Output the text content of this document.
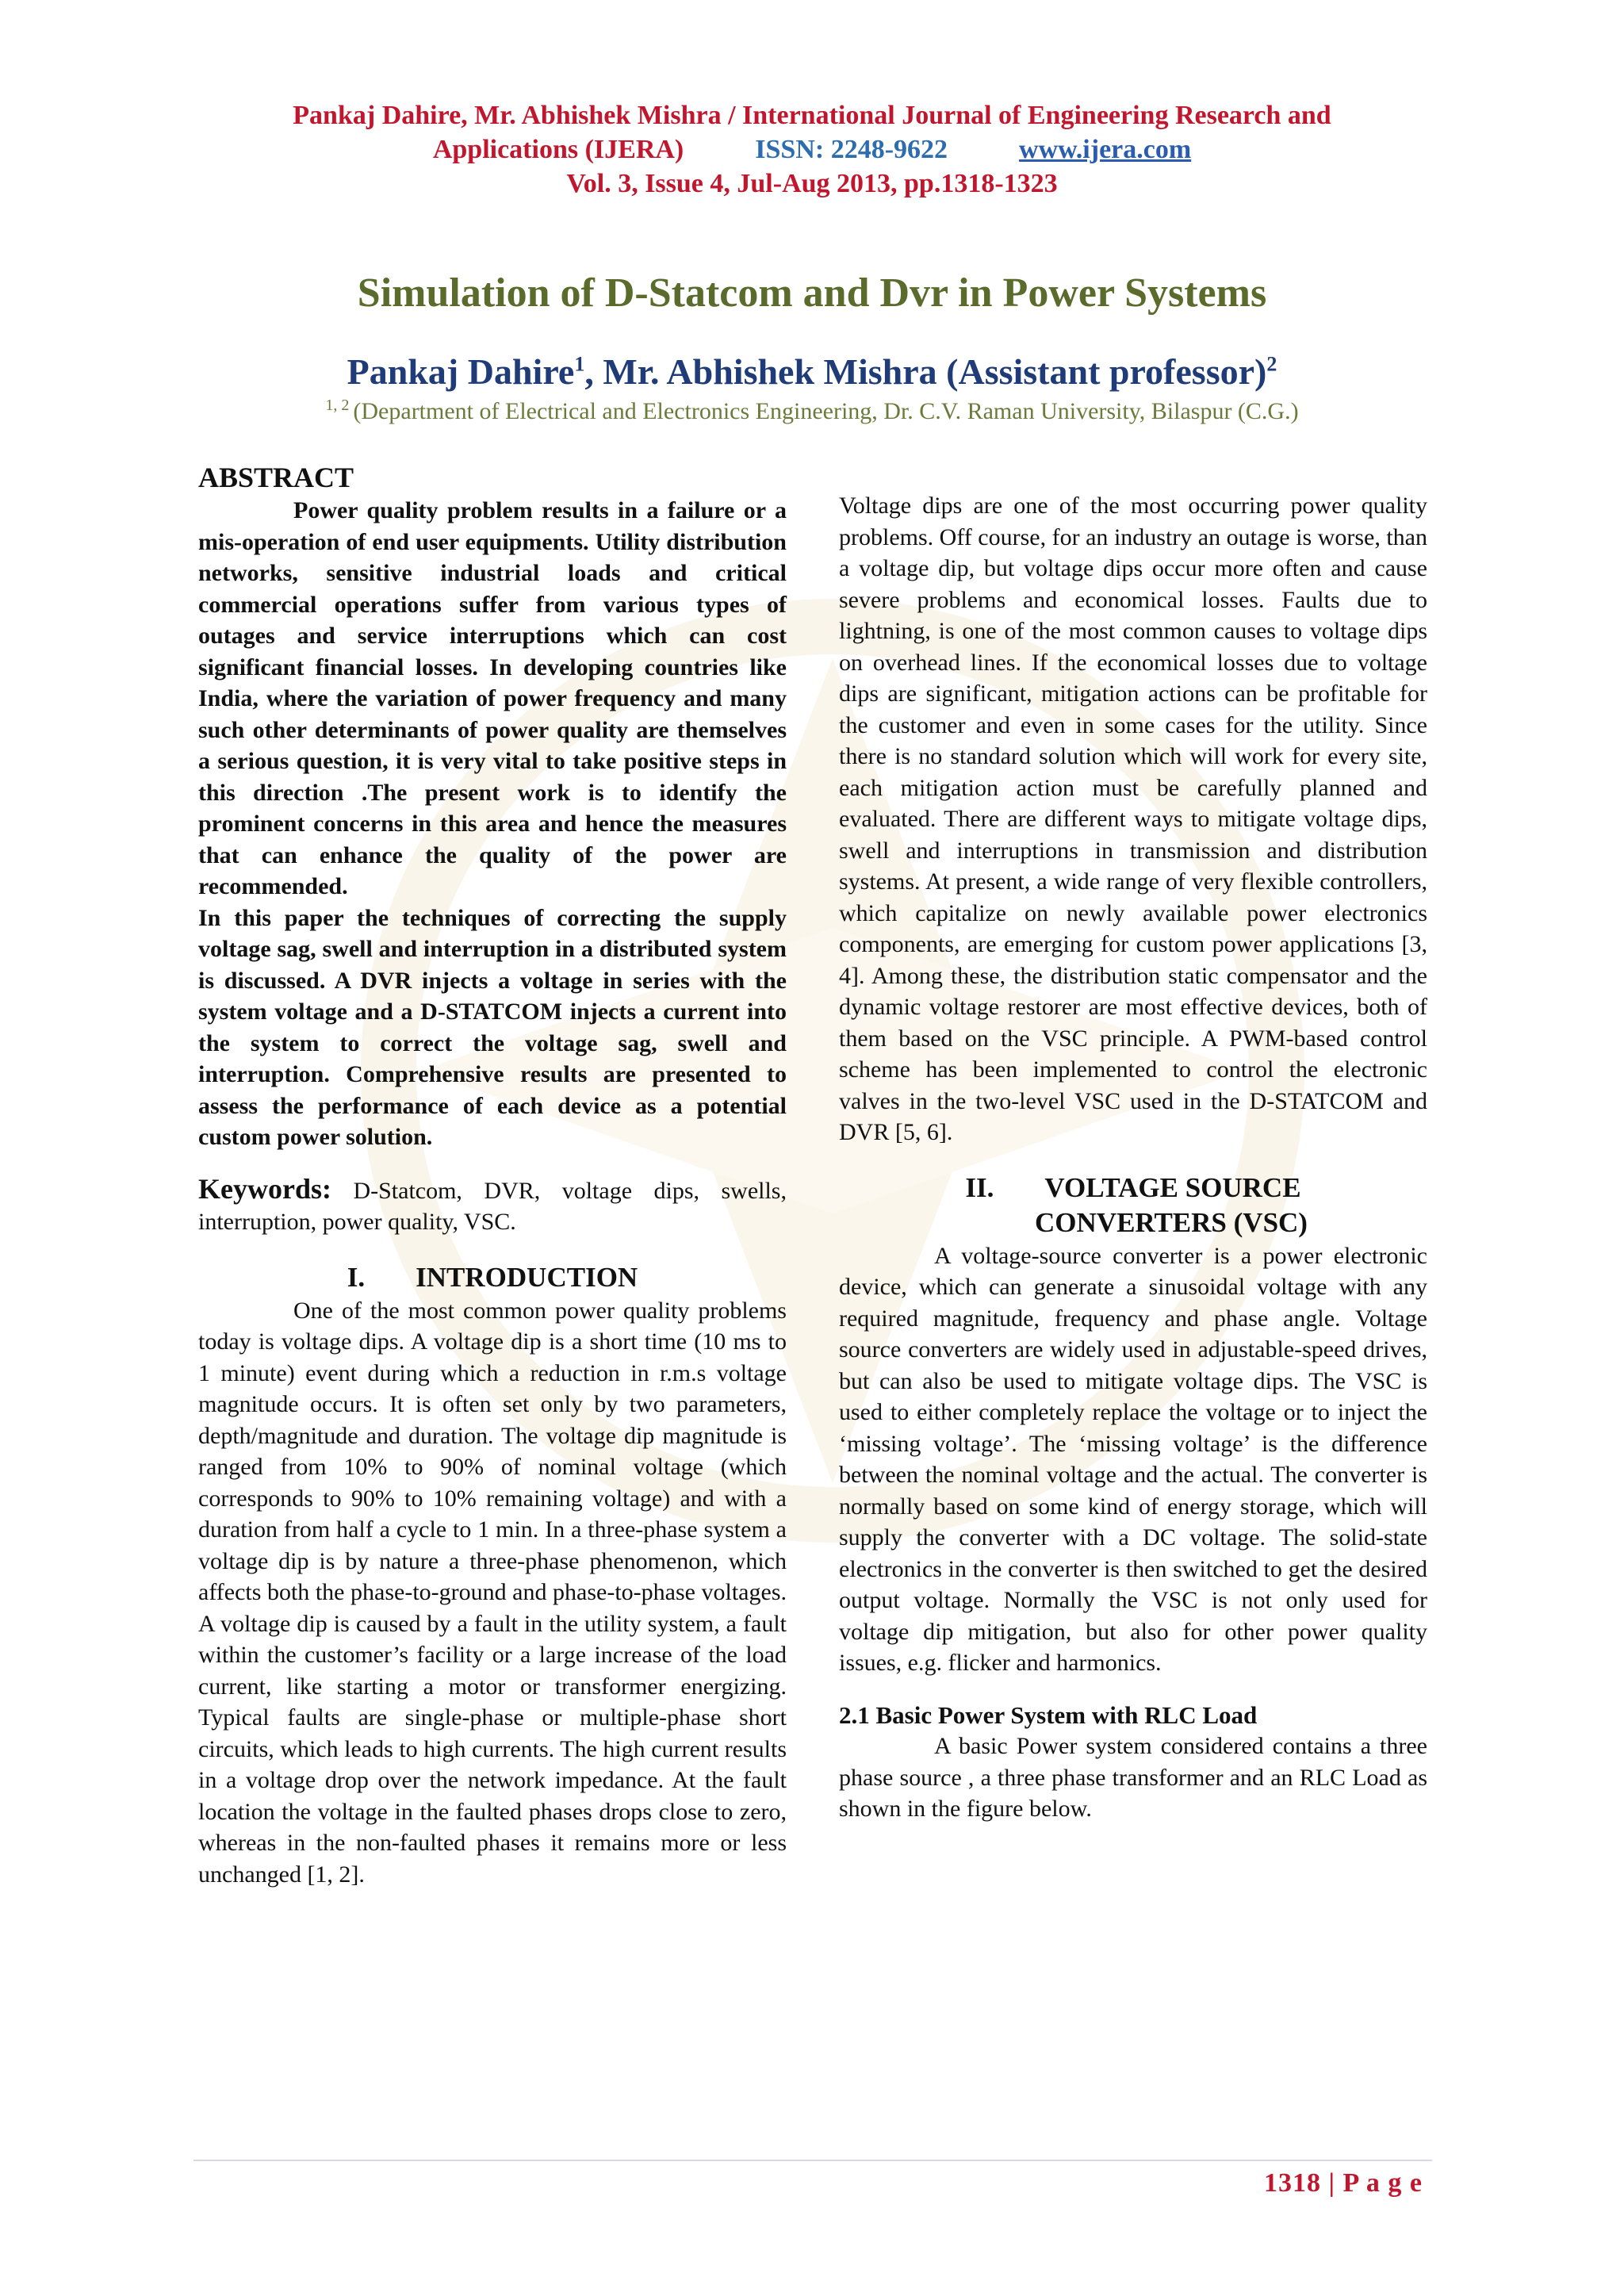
Pankaj Dahire, Mr. Abhishek Mishra / International Journal of Engineering Research and
Applications (IJERA)	ISSN: 2248-9622	www.ijera.com
Vol. 3, Issue 4, Jul-Aug 2013, pp.1318-1323
Simulation of D-Statcom and Dvr in Power Systems
Pankaj Dahire$^1$, Mr. Abhishek Mishra (Assistant professor)$^2$
$^{1, 2}$ (Department of Electrical and Electronics Engineering, Dr. C.V. Raman University, Bilaspur (C.G.)
ABSTRACT

Power quality problem results in a failure or a mis-operation of end user equipments. Utility distribution networks, sensitive industrial loads and critical commercial operations suffer from various types of outages and service interruptions which can cost significant financial losses. In developing countries like India, where the variation of power frequency and many such other determinants of power quality are themselves a serious question, it is very vital to take positive steps in this direction .The present work is to identify the prominent concerns in this area and hence the measures that can enhance the quality of the power are recommended.

In this paper the techniques of correcting the supply voltage sag, swell and interruption in a distributed system is discussed. A DVR injects a voltage in series with the system voltage and a D-STATCOM injects a current into the system to correct the voltage sag, swell and interruption. Comprehensive results are presented to assess the performance of each device as a potential custom power solution.

Keywords: D-Statcom, DVR, voltage dips, swells, interruption, power quality, VSC.

I. INTRODUCTION

One of the most common power quality problems today is voltage dips. A voltage dip is a short time (10 ms to 1 minute) event during which a reduction in r.m.s voltage magnitude occurs. It is often set only by two parameters, depth/magnitude and duration. The voltage dip magnitude is ranged from 10% to 90% of nominal voltage (which corresponds to 90% to 10% remaining voltage) and with a duration from half a cycle to 1 min. In a three-phase system a voltage dip is by nature a three-phase phenomenon, which affects both the phase-to-ground and phase-to-phase voltages. A voltage dip is caused by a fault in the utility system, a fault within the customer’s facility or a large increase of the load current, like starting a motor or transformer energizing. Typical faults are single-phase or multiple-phase short circuits, which leads to high currents. The high current results in a voltage drop over the network impedance. At the fault location the voltage in the faulted phases drops close to zero, whereas in the non-faulted phases it remains more or less unchanged [1, 2].

Voltage dips are one of the most occurring power quality problems. Off course, for an industry an outage is worse, than a voltage dip, but voltage dips occur more often and cause severe problems and economical losses. Faults due to lightning, is one of the most common causes to voltage dips on overhead lines. If the economical losses due to voltage dips are significant, mitigation actions can be profitable for the customer and even in some cases for the utility. Since there is no standard solution which will work for every site, each mitigation action must be carefully planned and evaluated. There are different ways to mitigate voltage dips, swell and interruptions in transmission and distribution systems. At present, a wide range of very flexible controllers, which capitalize on newly available power electronics components, are emerging for custom power applications [3, 4]. Among these, the distribution static compensator and the dynamic voltage restorer are most effective devices, both of them based on the VSC principle. A PWM-based control scheme has been implemented to control the electronic valves in the two-level VSC used in the D-STATCOM and DVR [5, 6].

II. VOLTAGE SOURCE
CONVERTERS (VSC)

A voltage-source converter is a power electronic device, which can generate a sinusoidal voltage with any required magnitude, frequency and phase angle. Voltage source converters are widely used in adjustable-speed drives, but can also be used to mitigate voltage dips. The VSC is used to either completely replace the voltage or to inject the ‘missing voltage’. The ‘missing voltage’ is the difference between the nominal voltage and the actual. The converter is normally based on some kind of energy storage, which will supply the converter with a DC voltage. The solid-state electronics in the converter is then switched to get the desired output voltage. Normally the VSC is not only used for voltage dip mitigation, but also for other power quality issues, e.g. flicker and harmonics.

2.1 Basic Power System with RLC Load

A basic Power system considered contains a three phase source , a three phase transformer and an RLC Load as shown in the figure below.

1318 | P a g e
